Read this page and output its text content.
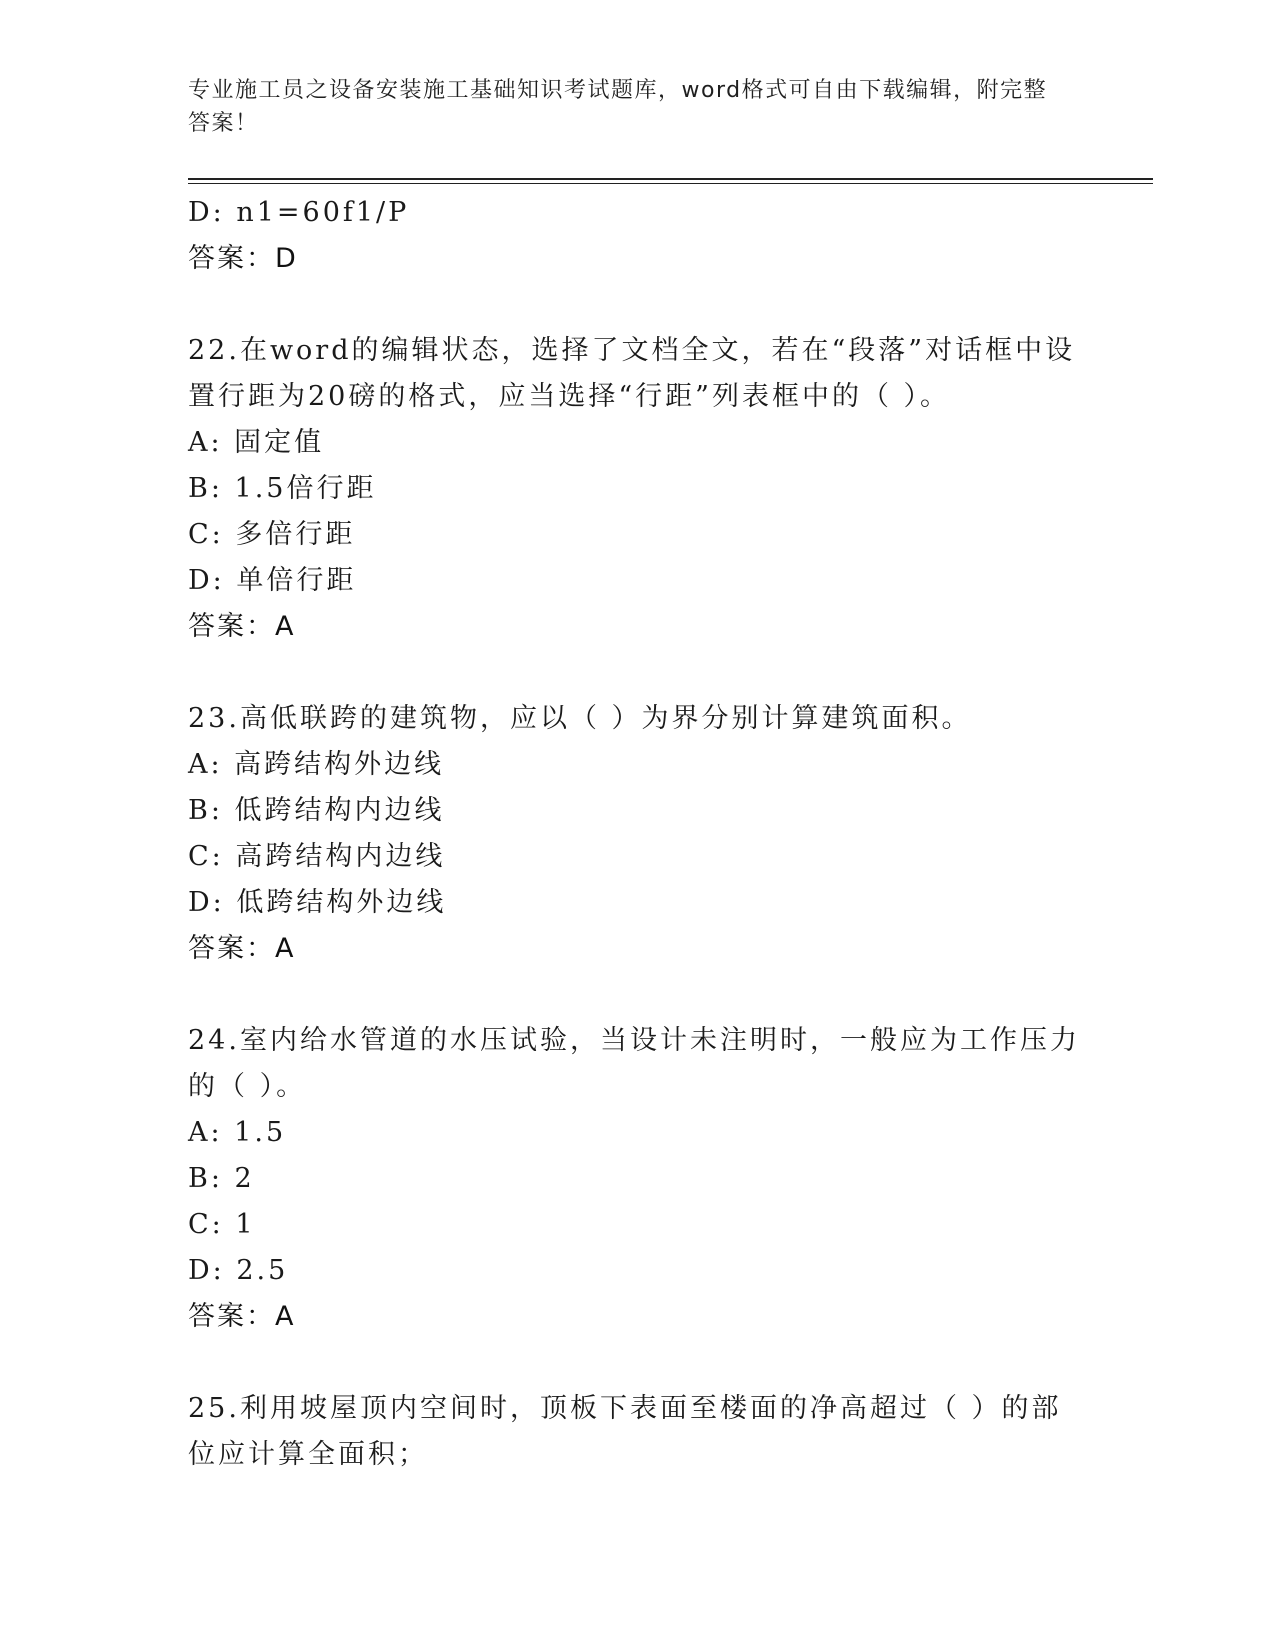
专业施工员之设备安装施工基础知识考试题库，word格式可自由下载编辑，附完整答案！
D: n1=60f1/P
答案：D
22.在word的编辑状态，选择了文档全文，若在“段落”对话框中设置行距为20磅的格式，应当选择“行距”列表框中的（ ）。
A: 固定值
B: 1.5倍行距
C: 多倍行距
D: 单倍行距
答案：A
23.高低联跨的建筑物，应以（ ）为界分别计算建筑面积。
A: 高跨结构外边线
B: 低跨结构内边线
C: 高跨结构内边线
D: 低跨结构外边线
答案：A
24.室内给水管道的水压试验，当设计未注明时，一般应为工作压力的（ ）。
A: 1.5
B: 2
C: 1
D: 2.5
答案：A
25.利用坡屋顶内空间时，顶板下表面至楼面的净高超过（ ）的部位应计算全面积；
